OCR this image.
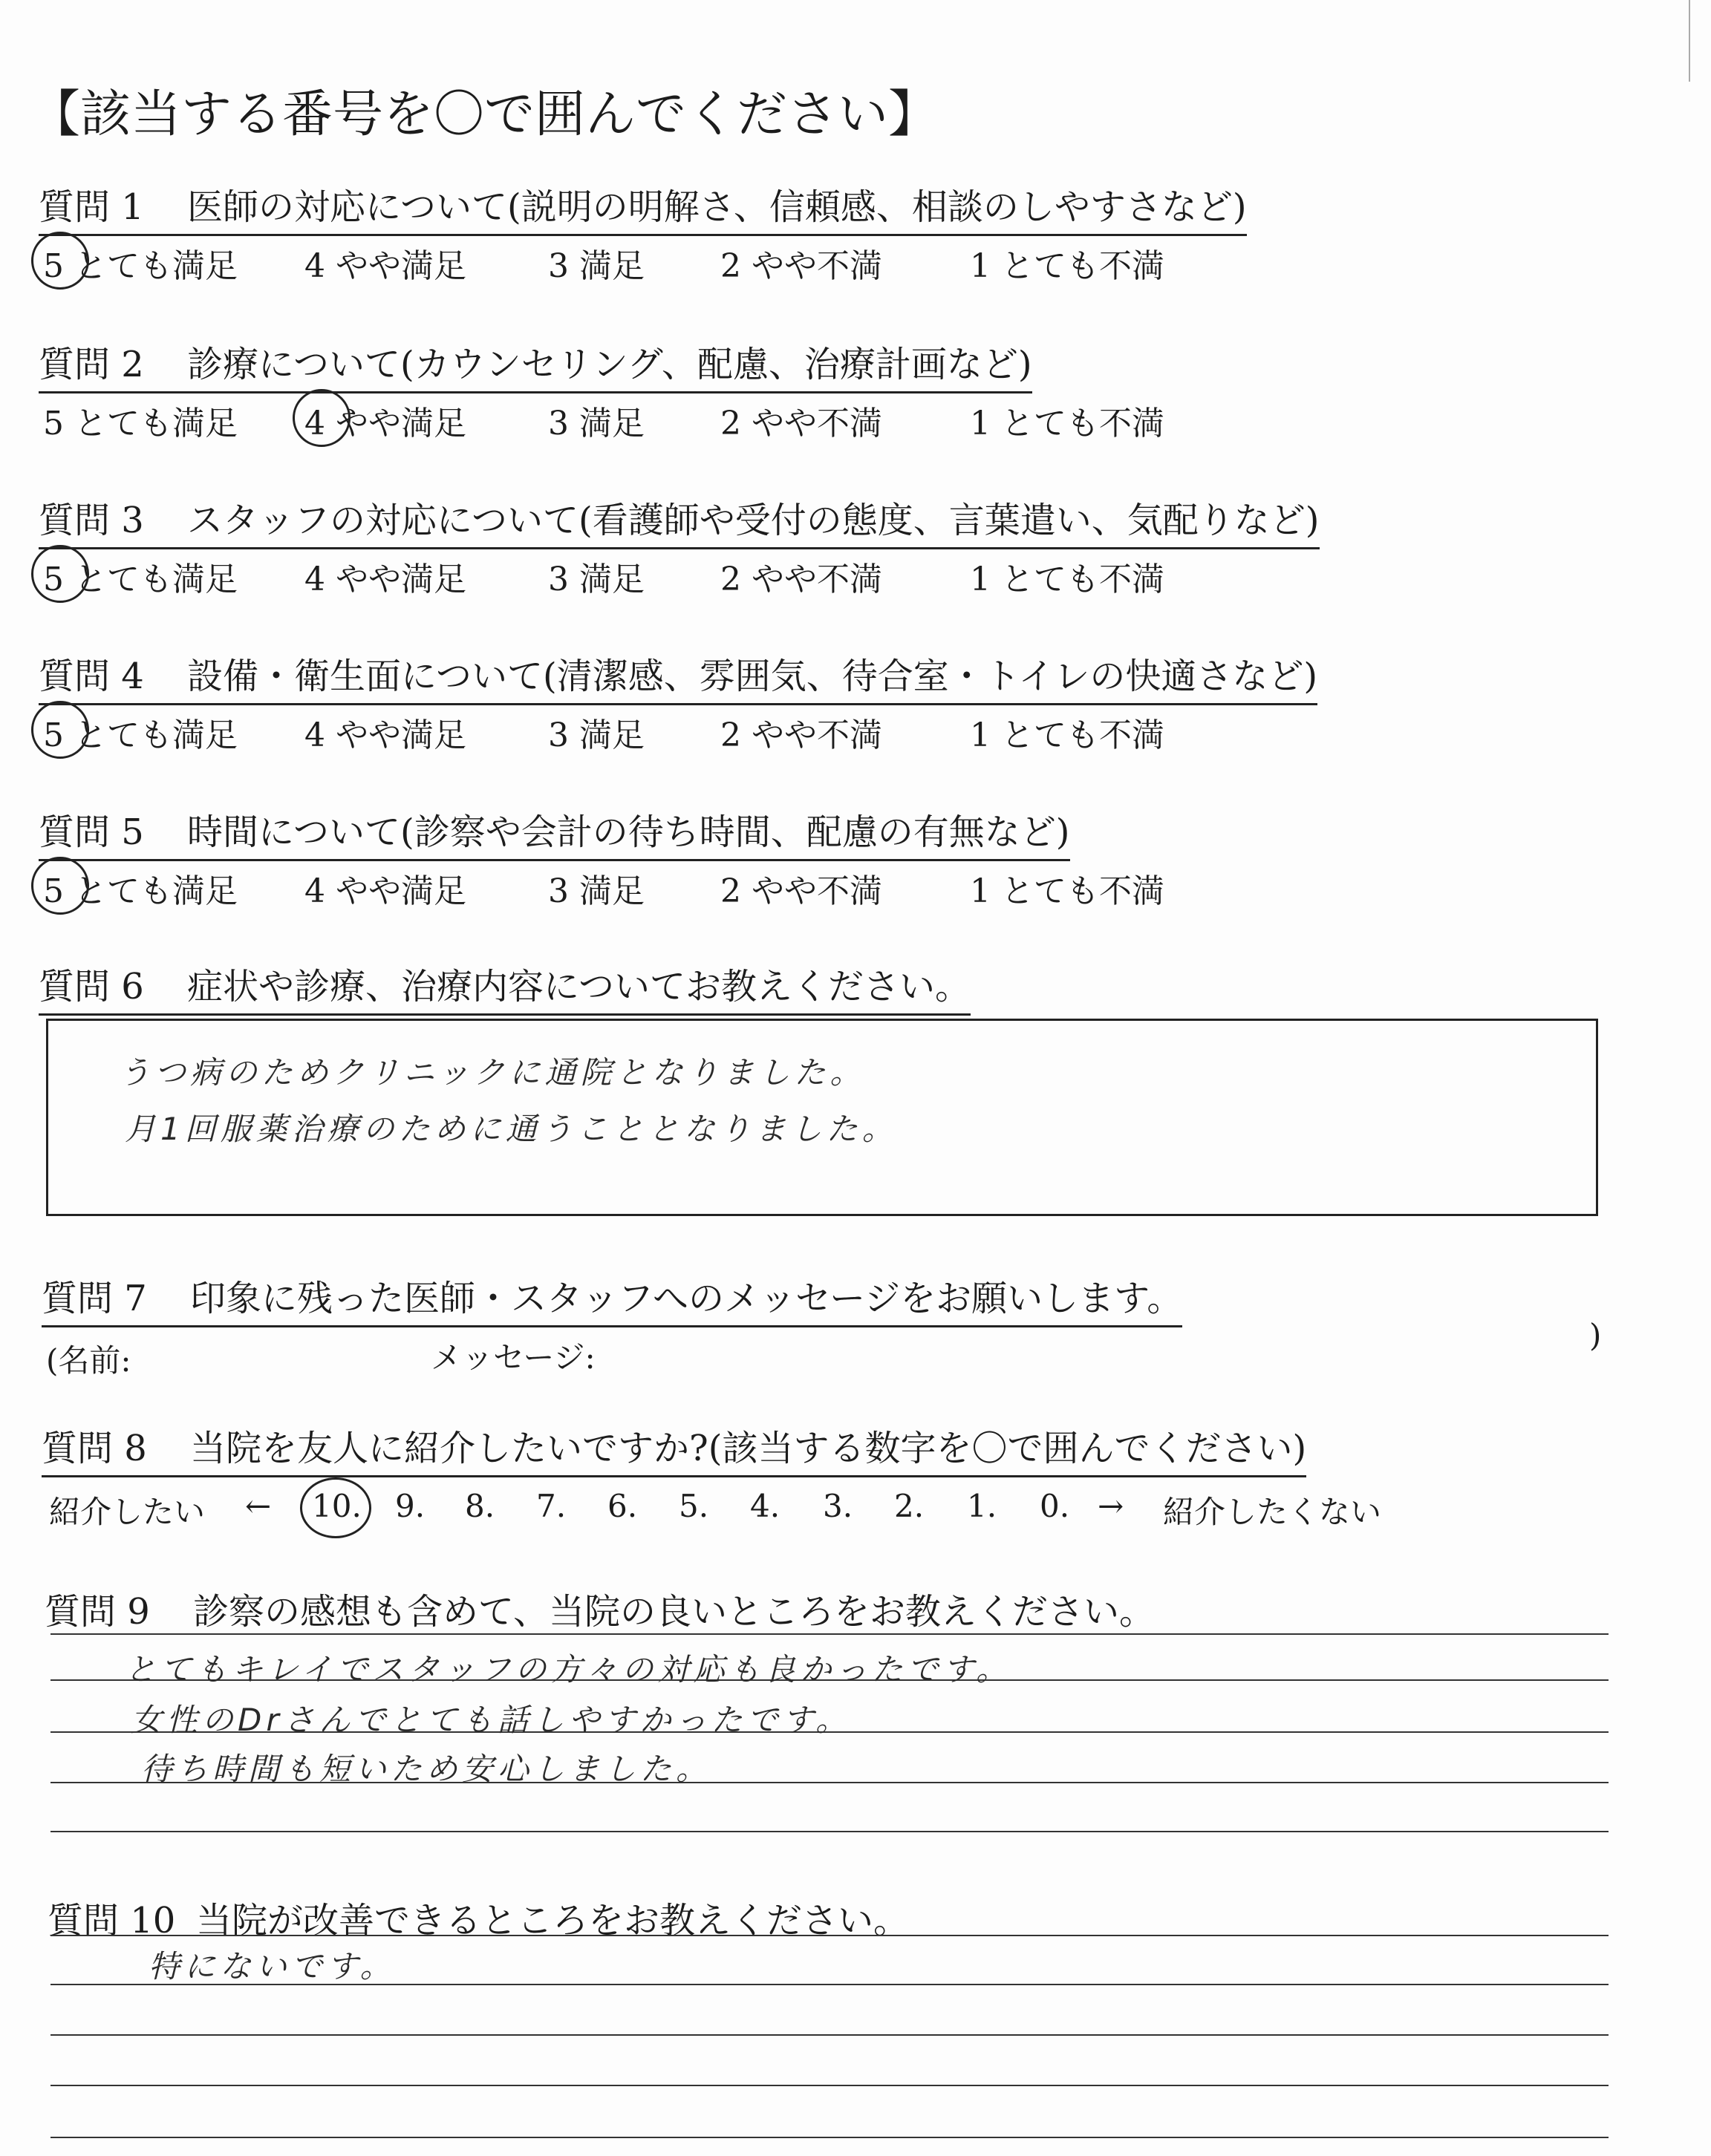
【該当する番号を〇で囲んでください】
質問 1 医師の対応について(説明の明解さ、信頼感、相談のしやすさなど)
5 とても満足 4 やや満足	3 満足 2 やや不満	1 とても不満
質問 2 診療について(カウンセリング、配慮、治療計画など)
5 とても満足 4 やや満足	3 満足 2 やや不満	1 とても不満
質問 3 スタッフの対応について(看護師や受付の態度、言葉遣い、気配りなど)
5 とても満足 4 やや満足	3 満足 2 やや不満	1 とても不満
質問 4 設備・衛生面について(清潔感、雰囲気、待合室・トイレの快適さなど)
5 とても満足 4 やや満足	3 満足 2 やや不満	1 とても不満
質問 5 時間について(診察や会計の待ち時間、配慮の有無など)
5 とても満足 4 やや満足	3 満足 2 やや不満	1 とても不満
質問 6 症状や診療、治療内容についてお教えください。
うつ病のためクリニックに通院となりました。
月1回服薬治療のために通うこととなりました。
質問 7 印象に残った医師・スタッフへのメッセージをお願いします。
(名前:	メッセージ:
)
質問 8 当院を友人に紹介したいですか?(該当する数字を〇で囲んでください)
紹介したい ← 10. 9. 8. 7. 6. 5. 4. 3. 2. 1. 0. → 紹介したくない
質問 9 診察の感想も含めて、当院の良いところをお教えください。
とてもキレイでスタッフの方々の対応も良かったです。
女性のDrさんでとても話しやすかったです。
待ち時間も短いため安心しました。
質問 10 当院が改善できるところをお教えください。
特にないです。
